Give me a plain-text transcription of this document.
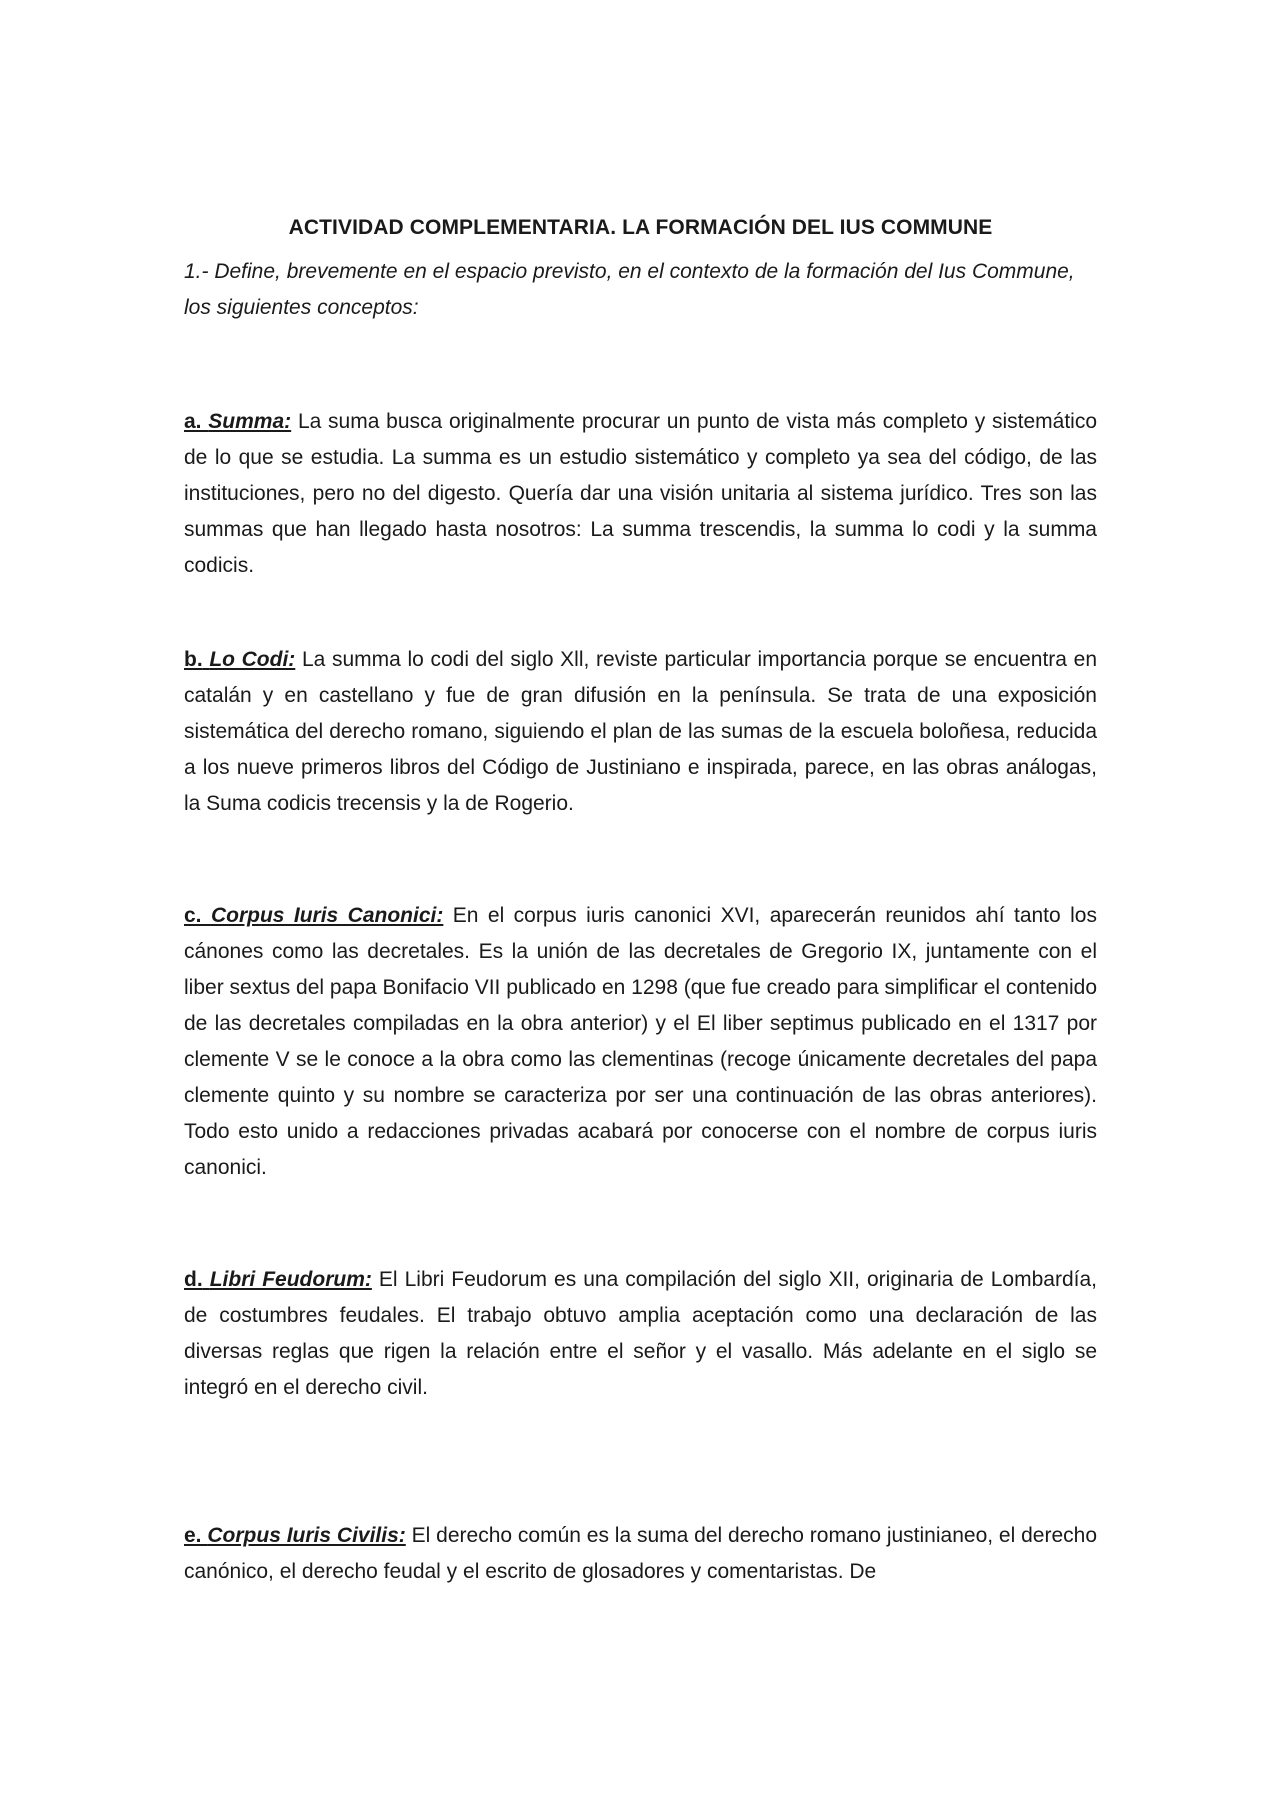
ACTIVIDAD COMPLEMENTARIA. LA FORMACIÓN DEL IUS COMMUNE

1.- Define, brevemente en el espacio previsto, en el contexto de la formación del Ius Commune, los siguientes conceptos:

a. Summa: La suma busca originalmente procurar un punto de vista más completo y sistemático de lo que se estudia. La summa es un estudio sistemático y completo ya sea del código, de las instituciones, pero no del digesto. Quería dar una visión unitaria al sistema jurídico. Tres son las summas que han llegado hasta nosotros: La summa trescendis, la summa lo codi y la summa codicis.

b. Lo Codi: La summa lo codi del siglo Xll, reviste particular importancia porque se encuentra en catalán y en castellano y fue de gran difusión en la península. Se trata de una exposición sistemática del derecho romano, siguiendo el plan de las sumas de la escuela boloñesa, reducida a los nueve primeros libros del Código de Justiniano e inspirada, parece, en las obras análogas, la Suma codicis trecensis y la de Rogerio.

c. Corpus Iuris Canonici: En el corpus iuris canonici XVI, aparecerán reunidos ahí tanto los cánones como las decretales. Es la unión de las decretales de Gregorio IX, juntamente con el liber sextus del papa Bonifacio VII publicado en 1298 (que fue creado para simplificar el contenido de las decretales compiladas en la obra anterior) y el El liber septimus publicado en el 1317 por clemente V se le conoce a la obra como las clementinas (recoge únicamente decretales del papa clemente quinto y su nombre se caracteriza por ser una continuación de las obras anteriores). Todo esto unido a redacciones privadas acabará por conocerse con el nombre de corpus iuris canonici.

d. Libri Feudorum: El Libri Feudorum es una compilación del siglo XII, originaria de Lombardía, de costumbres feudales. El trabajo obtuvo amplia aceptación como una declaración de las diversas reglas que rigen la relación entre el señor y el vasallo. Más adelante en el siglo se integró en el derecho civil.

e. Corpus Iuris Civilis: El derecho común es la suma del derecho romano justinianeo, el derecho canónico, el derecho feudal y el escrito de glosadores y comentaristas. De
